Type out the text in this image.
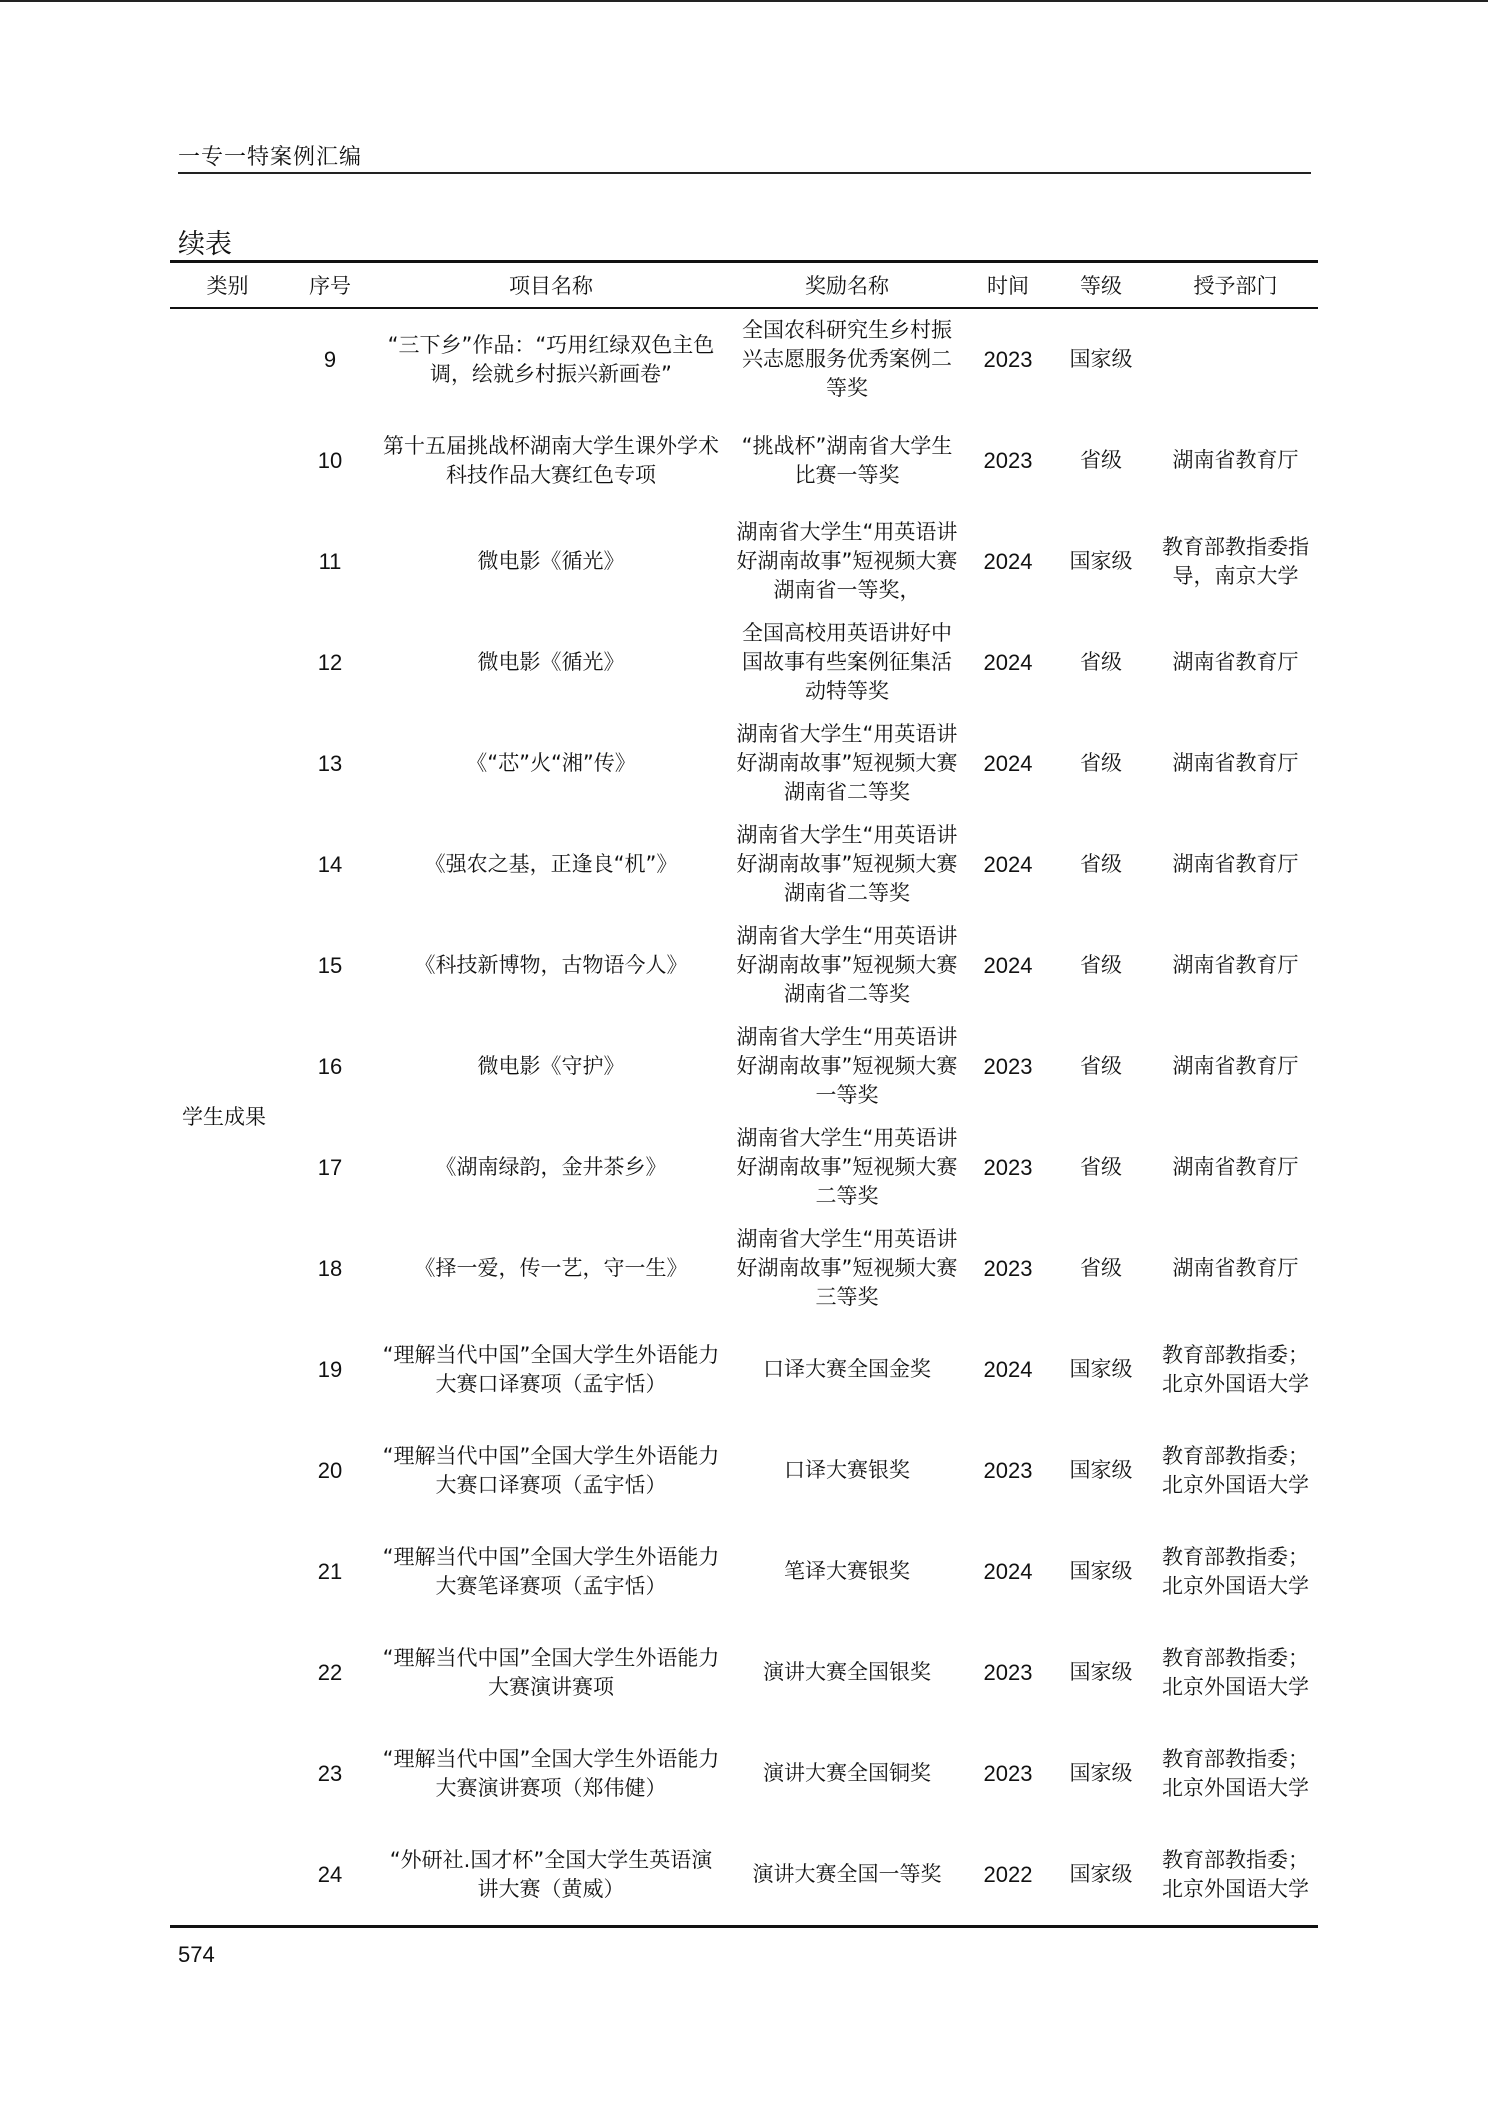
一专一特案例汇编
续表
类别	序号	项目名称	奖励名称	时间	等级	授予部门
学生成果	9	“三下乡”作品：“巧用红绿双色主色调，绘就乡村振兴新画卷”	全国农科研究生乡村振兴志愿服务优秀案例二等奖	2023	国家级	
	10	第十五届挑战杯湖南大学生课外学术科技作品大赛红色专项	“挑战杯”湖南省大学生比赛一等奖	2023	省级	湖南省教育厅
	11	微电影《循光》	湖南省大学生“用英语讲好湖南故事”短视频大赛湖南省一等奖，	2024	国家级	教育部教指委指导，南京大学
	12	微电影《循光》	全国高校用英语讲好中国故事有些案例征集活动特等奖	2024	省级	湖南省教育厅
	13	《“芯”火“湘”传》	湖南省大学生“用英语讲好湖南故事”短视频大赛湖南省二等奖	2024	省级	湖南省教育厅
	14	《强农之基，正逢良“机”》	湖南省大学生“用英语讲好湖南故事”短视频大赛湖南省二等奖	2024	省级	湖南省教育厅
	15	《科技新博物，古物语今人》	湖南省大学生“用英语讲好湖南故事”短视频大赛湖南省二等奖	2024	省级	湖南省教育厅
	16	微电影《守护》	湖南省大学生“用英语讲好湖南故事”短视频大赛一等奖	2023	省级	湖南省教育厅
	17	《湖南绿韵，金井茶乡》	湖南省大学生“用英语讲好湖南故事”短视频大赛二等奖	2023	省级	湖南省教育厅
	18	《择一爱，传一艺，守一生》	湖南省大学生“用英语讲好湖南故事”短视频大赛三等奖	2023	省级	湖南省教育厅
	19	“理解当代中国”全国大学生外语能力大赛口译赛项（孟宇恬）	口译大赛全国金奖	2024	国家级	教育部教指委；北京外国语大学
	20	“理解当代中国”全国大学生外语能力大赛口译赛项（孟宇恬）	口译大赛银奖	2023	国家级	教育部教指委；北京外国语大学
	21	“理解当代中国”全国大学生外语能力大赛笔译赛项（孟宇恬）	笔译大赛银奖	2024	国家级	教育部教指委；北京外国语大学
	22	“理解当代中国”全国大学生外语能力大赛演讲赛项	演讲大赛全国银奖	2023	国家级	教育部教指委；北京外国语大学
	23	“理解当代中国”全国大学生外语能力大赛演讲赛项（郑伟健）	演讲大赛全国铜奖	2023	国家级	教育部教指委；北京外国语大学
	24	“外研社.国才杯”全国大学生英语演讲大赛（黄威）	演讲大赛全国一等奖	2022	国家级	教育部教指委；北京外国语大学
574
